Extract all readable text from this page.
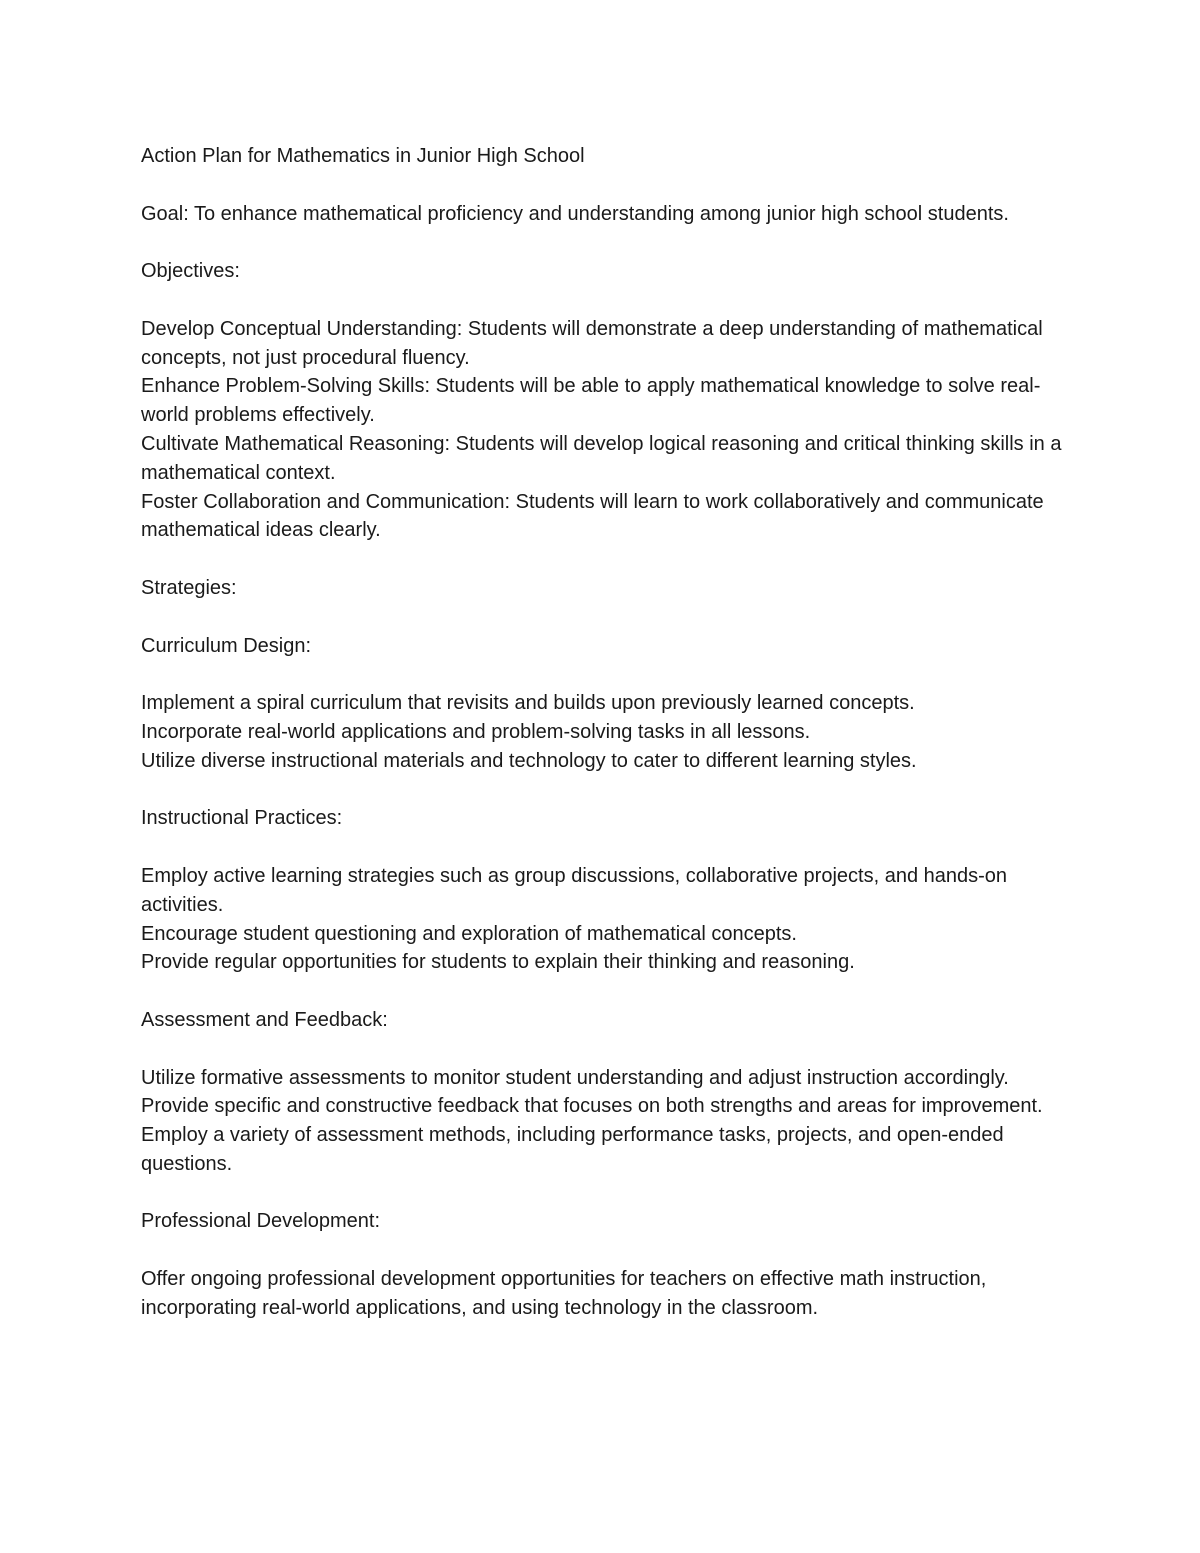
Action Plan for Mathematics in Junior High School

Goal: To enhance mathematical proficiency and understanding among junior high school students.

Objectives:

Develop Conceptual Understanding: Students will demonstrate a deep understanding of mathematical concepts, not just procedural fluency.

Enhance Problem-Solving Skills: Students will be able to apply mathematical knowledge to solve real-world problems effectively.

Cultivate Mathematical Reasoning: Students will develop logical reasoning and critical thinking skills in a mathematical context.

Foster Collaboration and Communication: Students will learn to work collaboratively and communicate mathematical ideas clearly.

Strategies:

Curriculum Design:

Implement a spiral curriculum that revisits and builds upon previously learned concepts.

Incorporate real-world applications and problem-solving tasks in all lessons.

Utilize diverse instructional materials and technology to cater to different learning styles.

Instructional Practices:

Employ active learning strategies such as group discussions, collaborative projects, and hands-on activities.

Encourage student questioning and exploration of mathematical concepts.

Provide regular opportunities for students to explain their thinking and reasoning.

Assessment and Feedback:

Utilize formative assessments to monitor student understanding and adjust instruction accordingly.

Provide specific and constructive feedback that focuses on both strengths and areas for improvement.

Employ a variety of assessment methods, including performance tasks, projects, and open-ended questions.

Professional Development:

Offer ongoing professional development opportunities for teachers on effective math instruction, incorporating real-world applications, and using technology in the classroom.
